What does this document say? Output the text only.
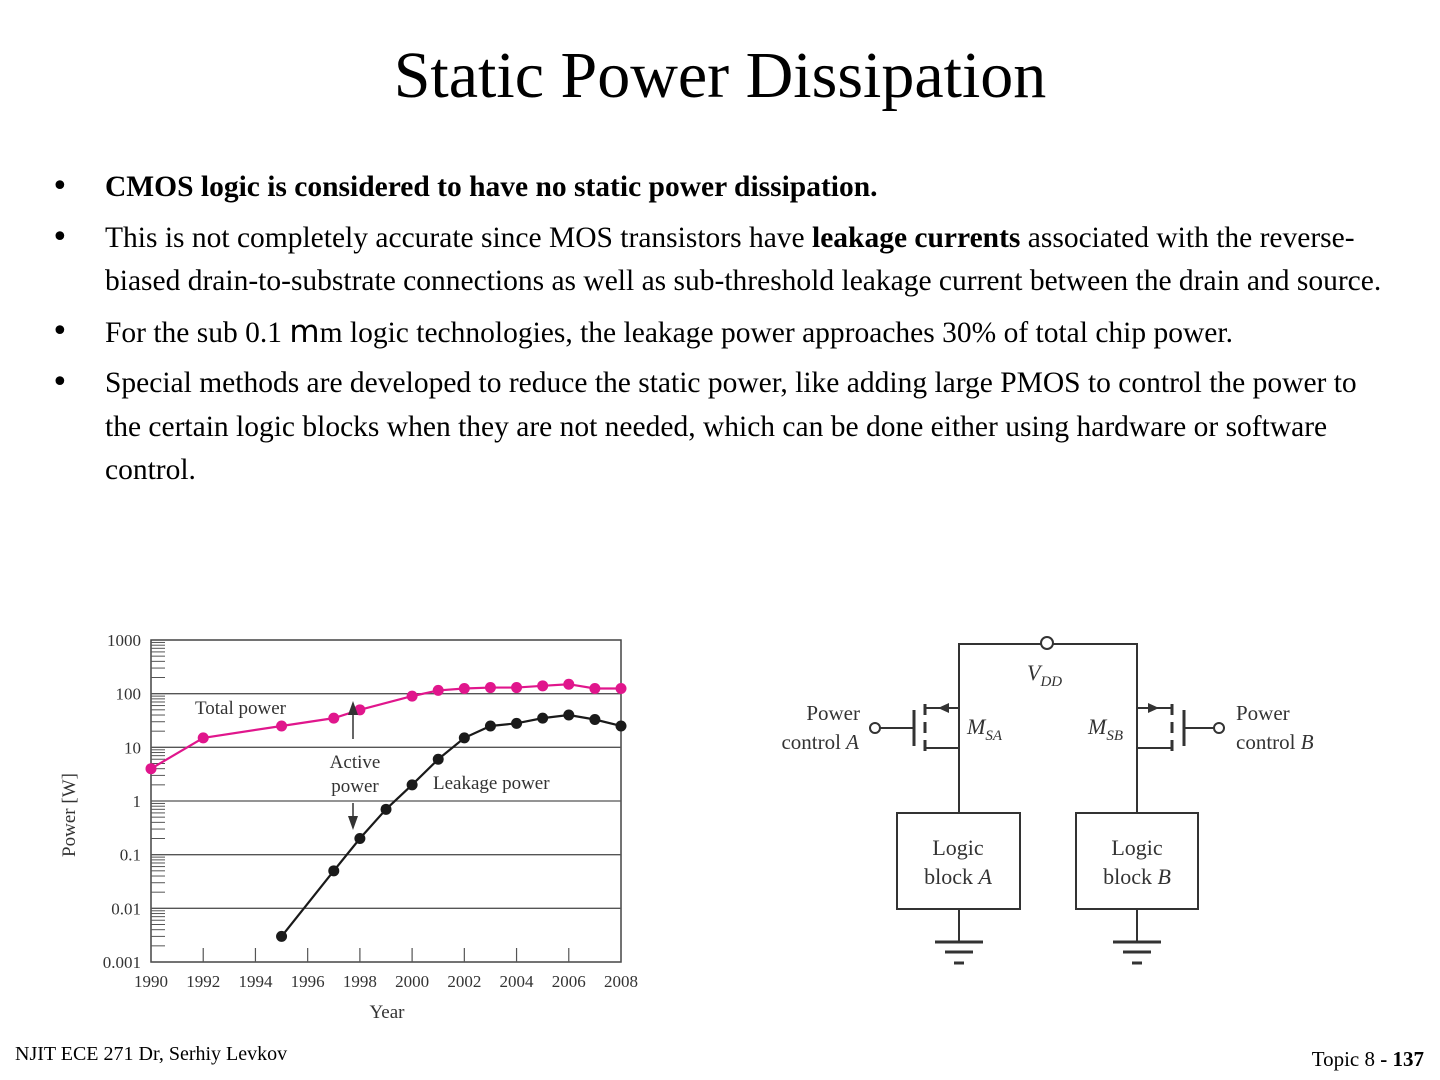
Static Power Dissipation
• CMOS logic is considered to have no static power dissipation.
• This is not completely accurate since MOS transistors have leakage currents associated with the reverse-biased drain-to-substrate connections as well as sub-threshold leakage current between the drain and source.
• For the sub 0.1 mm logic technologies, the leakage power approaches 30% of total chip power.
• Special methods are developed to reduce the static power, like adding large PMOS to control the power to the certain logic blocks when they are not needed, which can be done either using hardware or software control.
1000
100
10
1
0.1
0.01
0.001
1990 1992 1994 1996 1998 2000 2002 2004 2006 2008
Power [W]
Year
Total power
Leakage power
Active
power
$V_{DD}$
$M_{SA}$	$M_{SB}$
Power
control A
Power
control B
Logic
block A
Logic
block B
NJIT ECE 271 Dr, Serhiy Levkov	Topic 8 - 137
